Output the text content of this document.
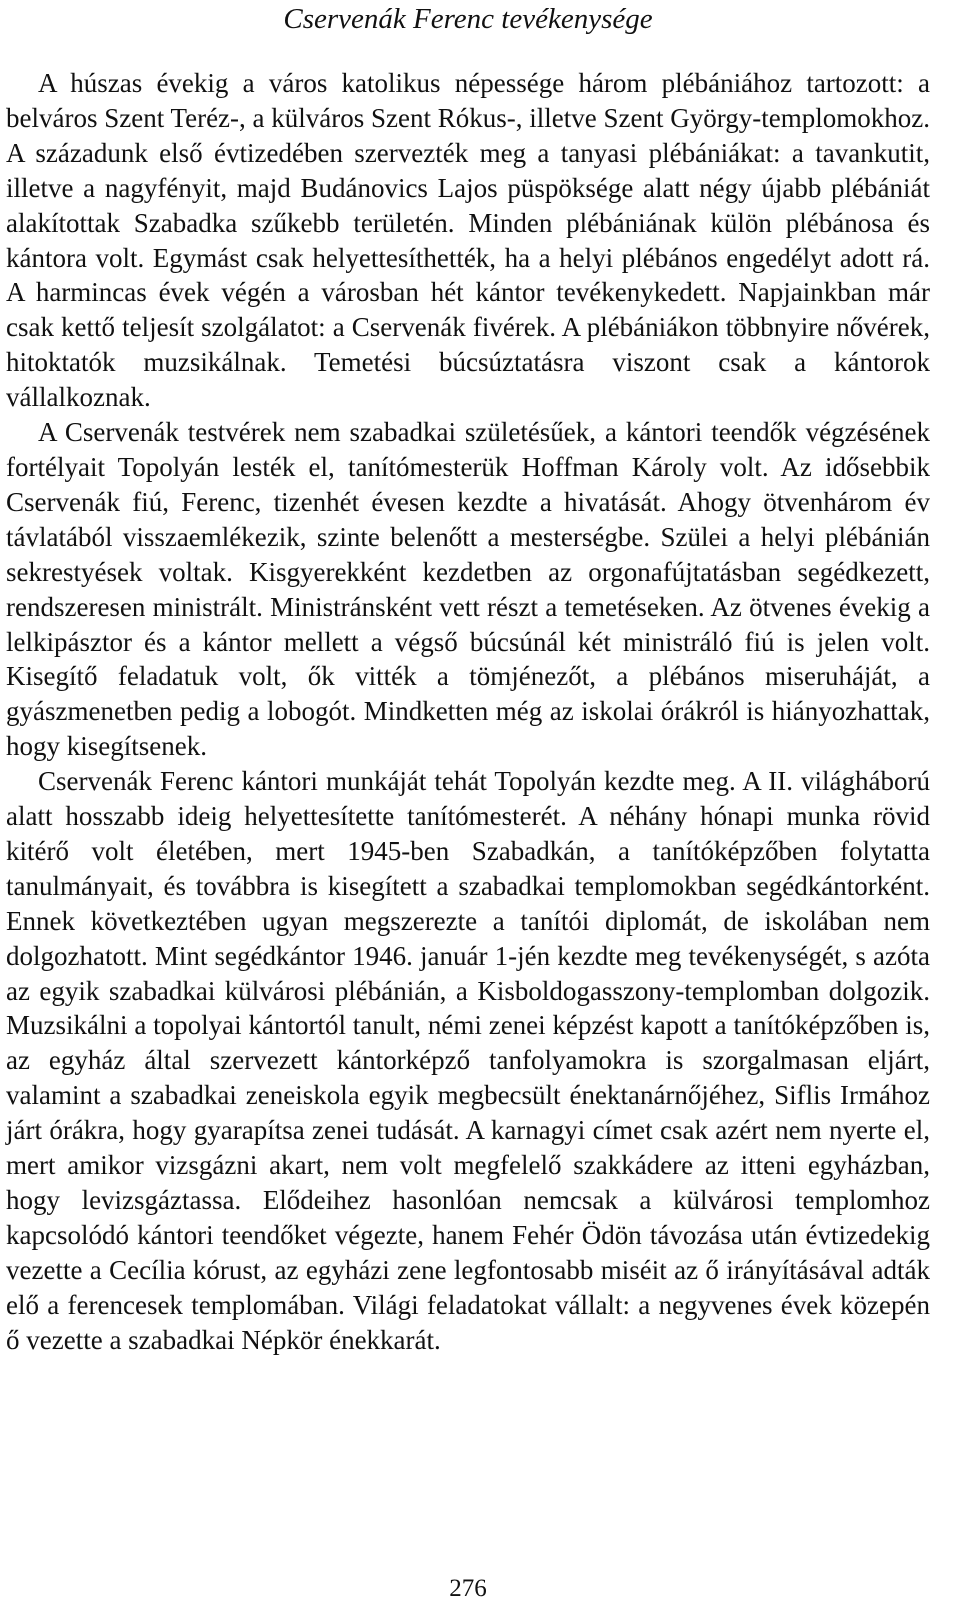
Cservenák Ferenc tevékenysége

A húszas évekig a város katolikus népessége három plébániához tartozott: a belváros Szent Teréz-, a külváros Szent Rókus-, illetve Szent György-templomokhoz. A századunk első évtizedében szervezték meg a tanyasi plébániákat: a tavankutit, illetve a nagyfényit, majd Budánovics Lajos püspöksége alatt négy újabb plébániát alakítottak Szabadka szűkebb területén. Minden plébániának külön plébánosa és kántora volt. Egymást csak helyettesíthették, ha a helyi plébános engedélyt adott rá. A harmincas évek végén a városban hét kántor tevékenykedett. Napjainkban már csak kettő teljesít szolgálatot: a Cservenák fivérek. A plébániákon többnyire nővérek, hitoktatók muzsikálnak. Temetési búcsúztatásra viszont csak a kántorok vállalkoznak.

A Cservenák testvérek nem szabadkai születésűek, a kántori teendők végzésének fortélyait Topolyán lesték el, tanítómesterük Hoffman Károly volt. Az idősebbik Cservenák fiú, Ferenc, tizenhét évesen kezdte a hivatását. Ahogy ötvenhárom év távlatából visszaemlékezik, szinte belenőtt a mesterségbe. Szülei a helyi plébánián sekrestyések voltak. Kisgyerekként kezdetben az orgonafújtatásban segédkezett, rendszeresen ministrált. Ministránsként vett részt a temetéseken. Az ötvenes évekig a lelkipásztor és a kántor mellett a végső búcsúnál két ministráló fiú is jelen volt. Kisegítő feladatuk volt, ők vitték a tömjénezőt, a plébános miseruháját, a gyászmenetben pedig a lobogót. Mindketten még az iskolai órákról is hiányozhattak, hogy kisegítsenek.

Cservenák Ferenc kántori munkáját tehát Topolyán kezdte meg. A II. világháború alatt hosszabb ideig helyettesítette tanítómesterét. A néhány hónapi munka rövid kitérő volt életében, mert 1945-ben Szabadkán, a tanítóképzőben folytatta tanulmányait, és továbbra is kisegített a szabadkai templomokban segédkántorként. Ennek következtében ugyan megszerezte a tanítói diplomát, de iskolában nem dolgozhatott. Mint segédkántor 1946. január 1-jén kezdte meg tevékenységét, s azóta az egyik szabadkai külvárosi plébánián, a Kisboldogasszony-templomban dolgozik. Muzsikálni a topolyai kántortól tanult, némi zenei képzést kapott a tanítóképzőben is, az egyház által szervezett kántorképző tanfolyamokra is szorgalmasan eljárt, valamint a szabadkai zeneiskola egyik megbecsült énektanárnőjéhez, Siflis Irmához járt órákra, hogy gyarapítsa zenei tudását. A karnagyi címet csak azért nem nyerte el, mert amikor vizsgázni akart, nem volt megfelelő szakkádere az itteni egyházban, hogy levizsgáztassa. Elődeihez hasonlóan nemcsak a külvárosi templomhoz kapcsolódó kántori teendőket végezte, hanem Fehér Ödön távozása után évtizedekig vezette a Cecília kórust, az egyházi zene legfontosabb miséit az ő irányításával adták elő a ferencesek templomában. Világi feladatokat vállalt: a negyvenes évek közepén ő vezette a szabadkai Népkör énekkarát.

276
